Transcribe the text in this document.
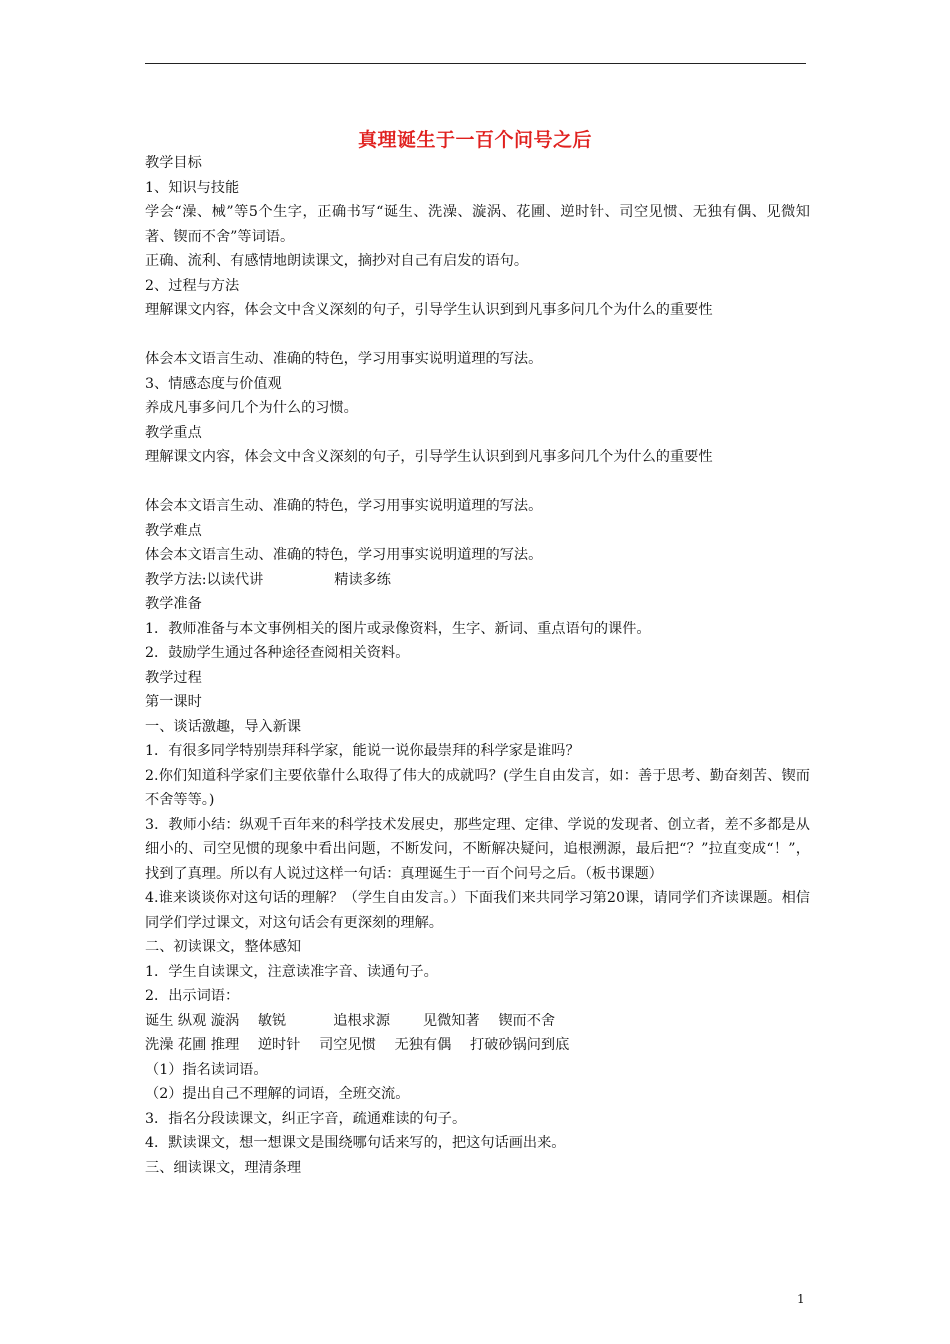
真理诞生于一百个问号之后

教学目标

1、知识与技能

学会“澡、械”等5个生字，正确书写“诞生、洗澡、漩涡、花圃、逆时针、司空见惯、无独有偶、见微知著、锲而不舍”等词语。

正确、流利、有感情地朗读课文，摘抄对自己有启发的语句。

2、过程与方法

理解课文内容，体会文中含义深刻的句子，引导学生认识到到凡事多问几个为什么的重要性

体会本文语言生动、准确的特色，学习用事实说明道理的写法。

3、情感态度与价值观

养成凡事多问几个为什么的习惯。

教学重点

理解课文内容，体会文中含义深刻的句子，引导学生认识到到凡事多问几个为什么的重要性

体会本文语言生动、准确的特色，学习用事实说明道理的写法。

教学难点

体会本文语言生动、准确的特色，学习用事实说明道理的写法。

教学方法:以读代讲　　　　　精读多练

教学准备

1．教师准备与本文事例相关的图片或录像资料，生字、新词、重点语句的课件。

2．鼓励学生通过各种途径查阅相关资料。

教学过程

第一课时

一、谈话激趣，导入新课

1．有很多同学特别崇拜科学家，能说一说你最崇拜的科学家是谁吗？

2.你们知道科学家们主要依靠什么取得了伟大的成就吗？(学生自由发言，如：善于思考、勤奋刻苦、锲而不舍等等。)

3．教师小结：纵观千百年来的科学技术发展史，那些定理、定律、学说的发现者、创立者，差不多都是从细小的、司空见惯的现象中看出问题，不断发问，不断解决疑问，追根溯源，最后把“？”拉直变成“！”，找到了真理。所以有人说过这样一句话：真理诞生于一百个问号之后。（板书课题）

4.谁来谈谈你对这句话的理解？（学生自由发言。）下面我们来共同学习第20课，请同学们齐读课题。相信同学们学过课文，对这句话会有更深刻的理解。

二、初读课文，整体感知

1．学生自读课文，注意读准字音、读通句子。

2．出示词语：

诞生 纵观 漩涡　 敏锐　　　 追根求源　　 见微知著　 锲而不舍

洗澡 花圃 推理　 逆时针　 司空见惯　 无独有偶　 打破砂锅问到底

（1）指名读词语。

（2）提出自己不理解的词语，全班交流。

3．指名分段读课文，纠正字音，疏通难读的句子。

4．默读课文，想一想课文是围绕哪句话来写的，把这句话画出来。

三、细读课文，理清条理

1
